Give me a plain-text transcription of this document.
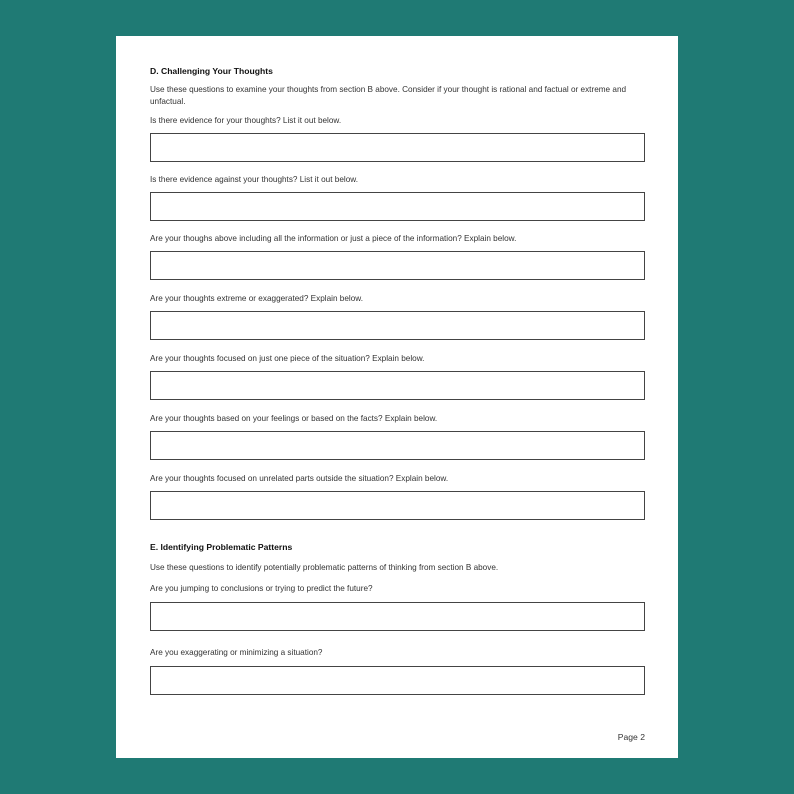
D. Challenging Your Thoughts
Use these questions to examine your thoughts from section B above. Consider if your thought is rational and factual or extreme and unfactual.
Is there evidence for your thoughts? List it out below.
Is there evidence against your thoughts? List it out below.
Are your thoughs above including all the information or just a piece of the information? Explain below.
Are your thoughts extreme or exaggerated? Explain below.
Are your thoughts focused on just one piece of the situation? Explain below.
Are your thoughts based on your feelings or based on the facts? Explain below.
Are your thoughts focused on unrelated parts outside the situation? Explain below.
E. Identifying Problematic Patterns
Use these questions to identify potentially problematic patterns of thinking from section B above.
Are you jumping to conclusions or trying to predict the future?
Are you exaggerating or minimizing a situation?
Page 2
